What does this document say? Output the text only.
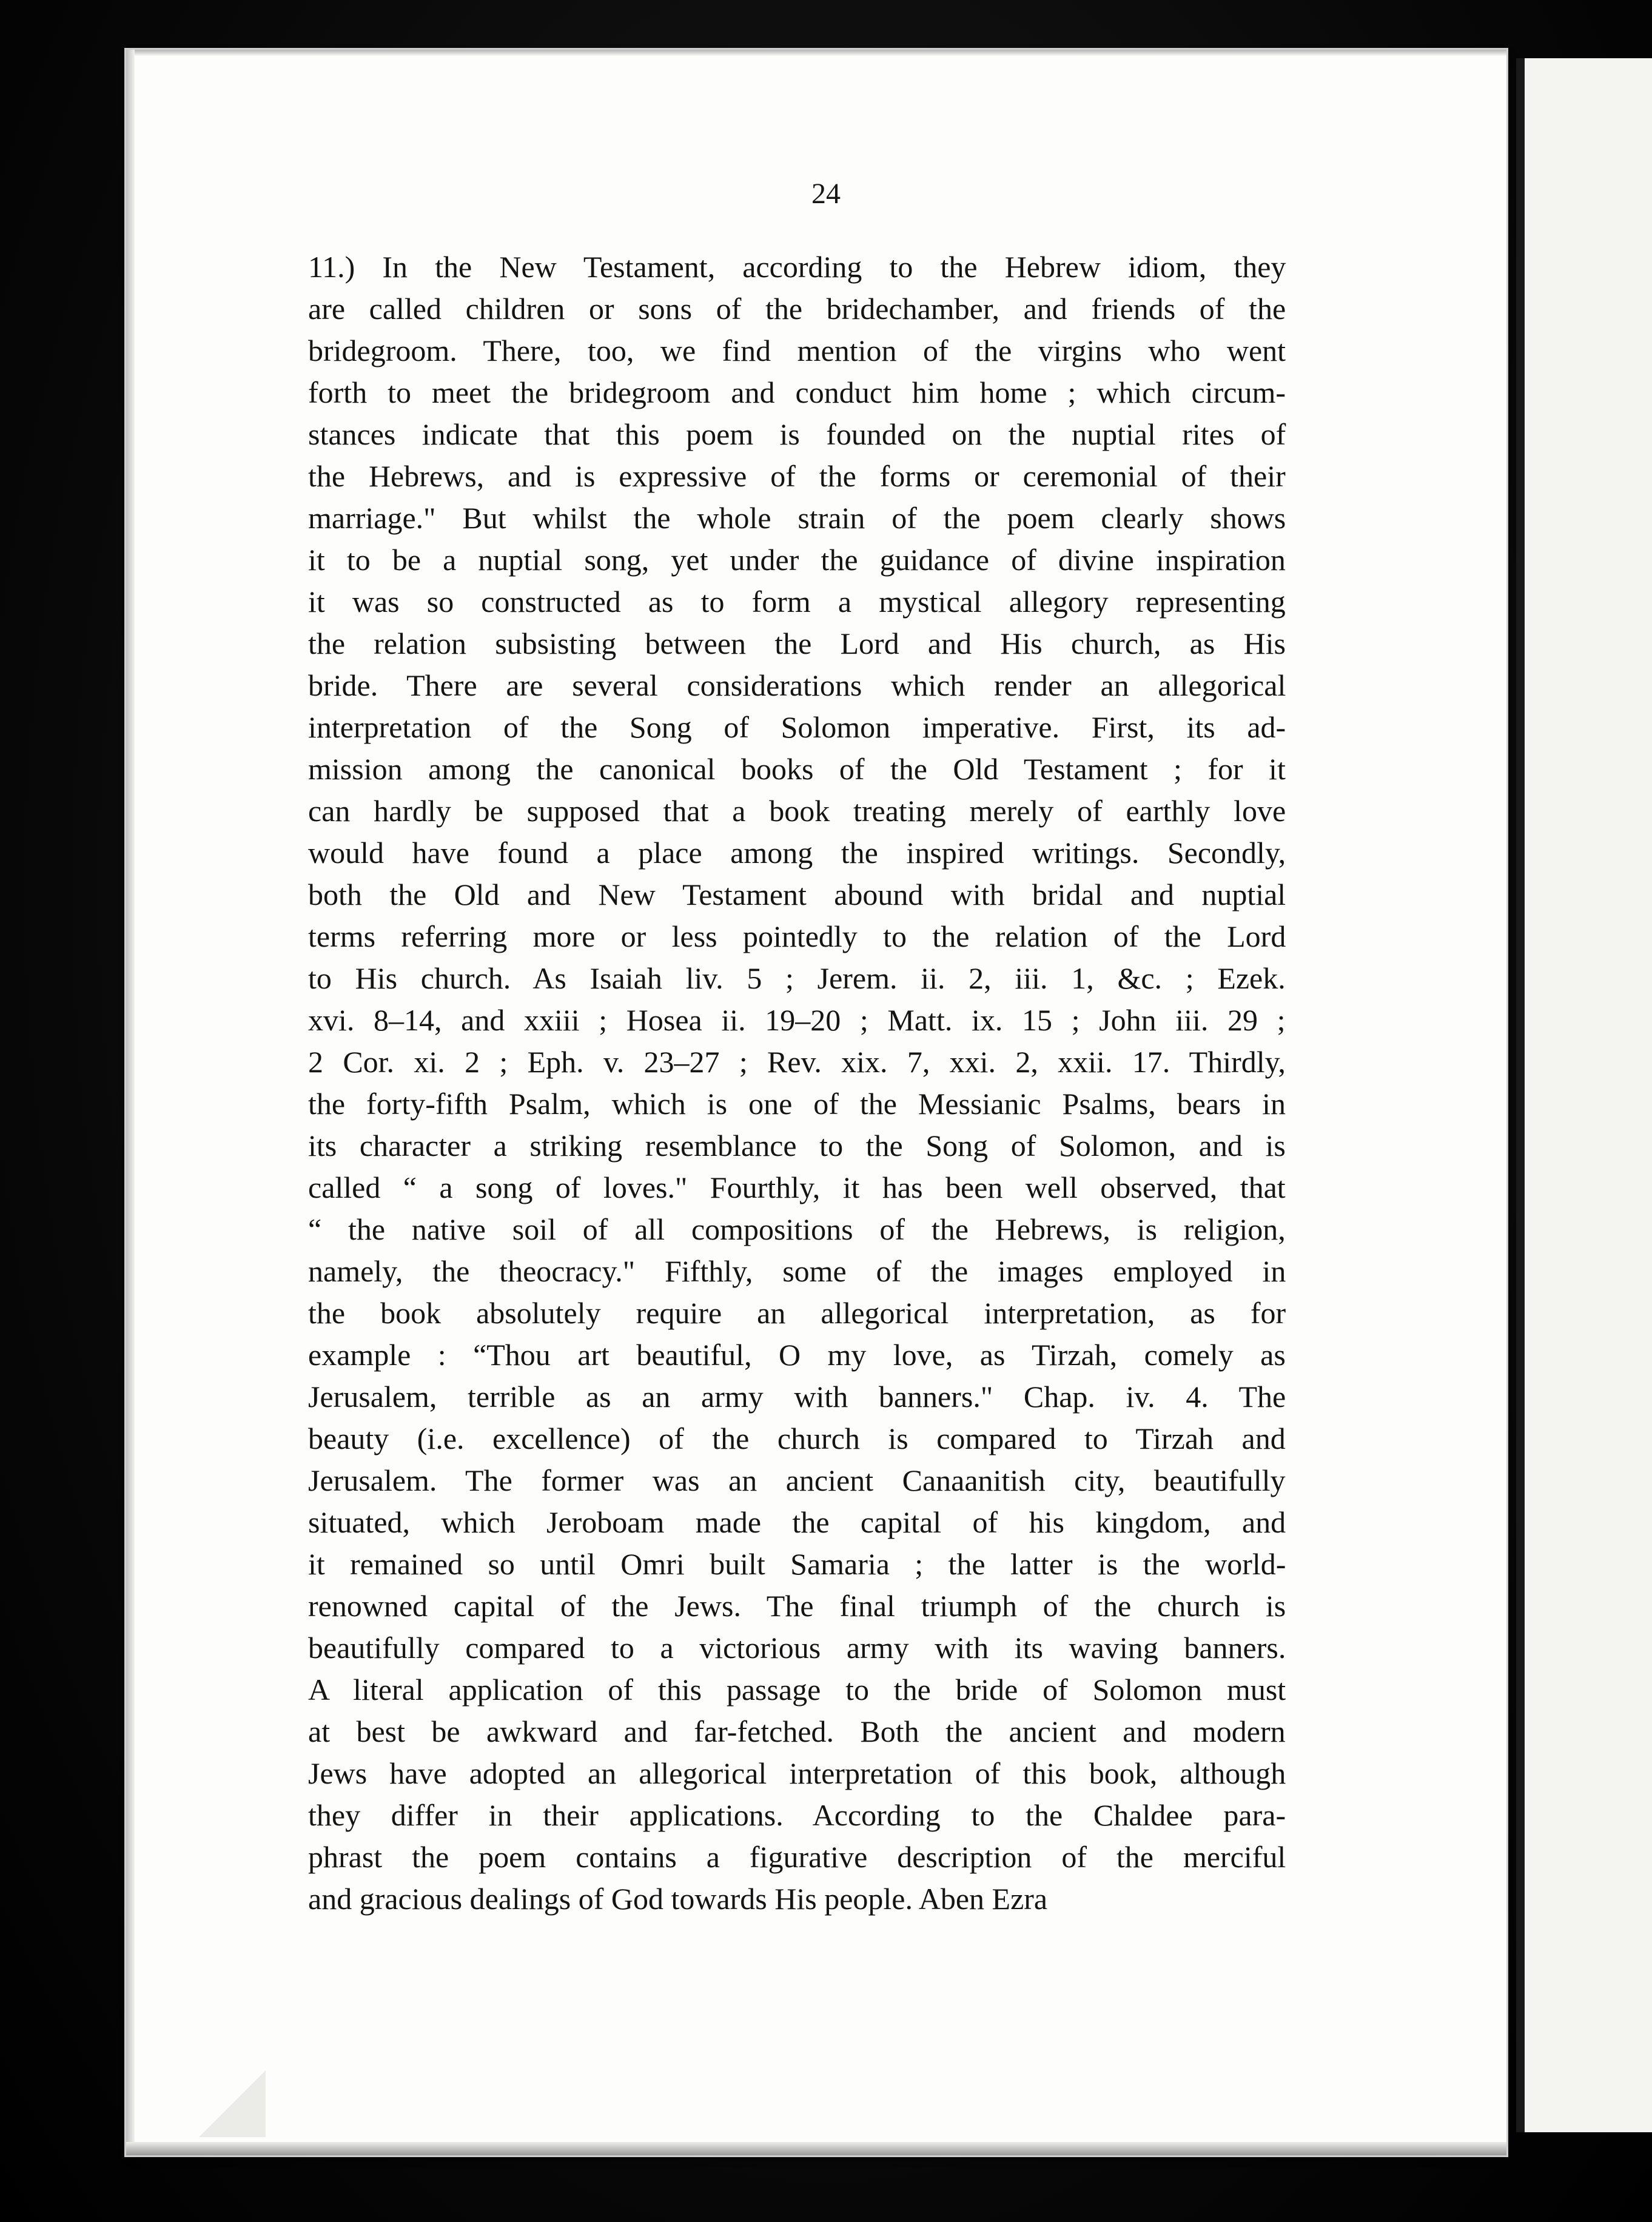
24
11.) In the New Testament, according to the Hebrew idiom, they
are called children or sons of the bridechamber, and friends of the
bridegroom. There, too, we find mention of the virgins who went
forth to meet the bridegroom and conduct him home ; which circum-
stances indicate that this poem is founded on the nuptial rites of
the Hebrews, and is expressive of the forms or ceremonial of their
marriage." But whilst the whole strain of the poem clearly shows
it to be a nuptial song, yet under the guidance of divine inspiration
it was so constructed as to form a mystical allegory representing
the relation subsisting between the Lord and His church, as His
bride. There are several considerations which render an allegorical
interpretation of the Song of Solomon imperative. First, its ad-
mission among the canonical books of the Old Testament ; for it
can hardly be supposed that a book treating merely of earthly love
would have found a place among the inspired writings. Secondly,
both the Old and New Testament abound with bridal and nuptial
terms referring more or less pointedly to the relation of the Lord
to His church. As Isaiah liv. 5 ; Jerem. ii. 2, iii. 1, &c. ; Ezek.
xvi. 8–14, and xxiii ; Hosea ii. 19–20 ; Matt. ix. 15 ; John iii. 29 ;
2 Cor. xi. 2 ; Eph. v. 23–27 ; Rev. xix. 7, xxi. 2, xxii. 17. Thirdly,
the forty-fifth Psalm, which is one of the Messianic Psalms, bears in
its character a striking resemblance to the Song of Solomon, and is
called “ a song of loves." Fourthly, it has been well observed, that
“ the native soil of all compositions of the Hebrews, is religion,
namely, the theocracy." Fifthly, some of the images employed in
the book absolutely require an allegorical interpretation, as for
example : “Thou art beautiful, O my love, as Tirzah, comely as
Jerusalem, terrible as an army with banners." Chap. iv. 4. The
beauty (i.e. excellence) of the church is compared to Tirzah and
Jerusalem. The former was an ancient Canaanitish city, beautifully
situated, which Jeroboam made the capital of his kingdom, and
it remained so until Omri built Samaria ; the latter is the world-
renowned capital of the Jews. The final triumph of the church is
beautifully compared to a victorious army with its waving banners.
A literal application of this passage to the bride of Solomon must
at best be awkward and far-fetched. Both the ancient and modern
Jews have adopted an allegorical interpretation of this book, although
they differ in their applications. According to the Chaldee para-
phrast the poem contains a figurative description of the merciful
and gracious dealings of God towards His people. Aben Ezra
